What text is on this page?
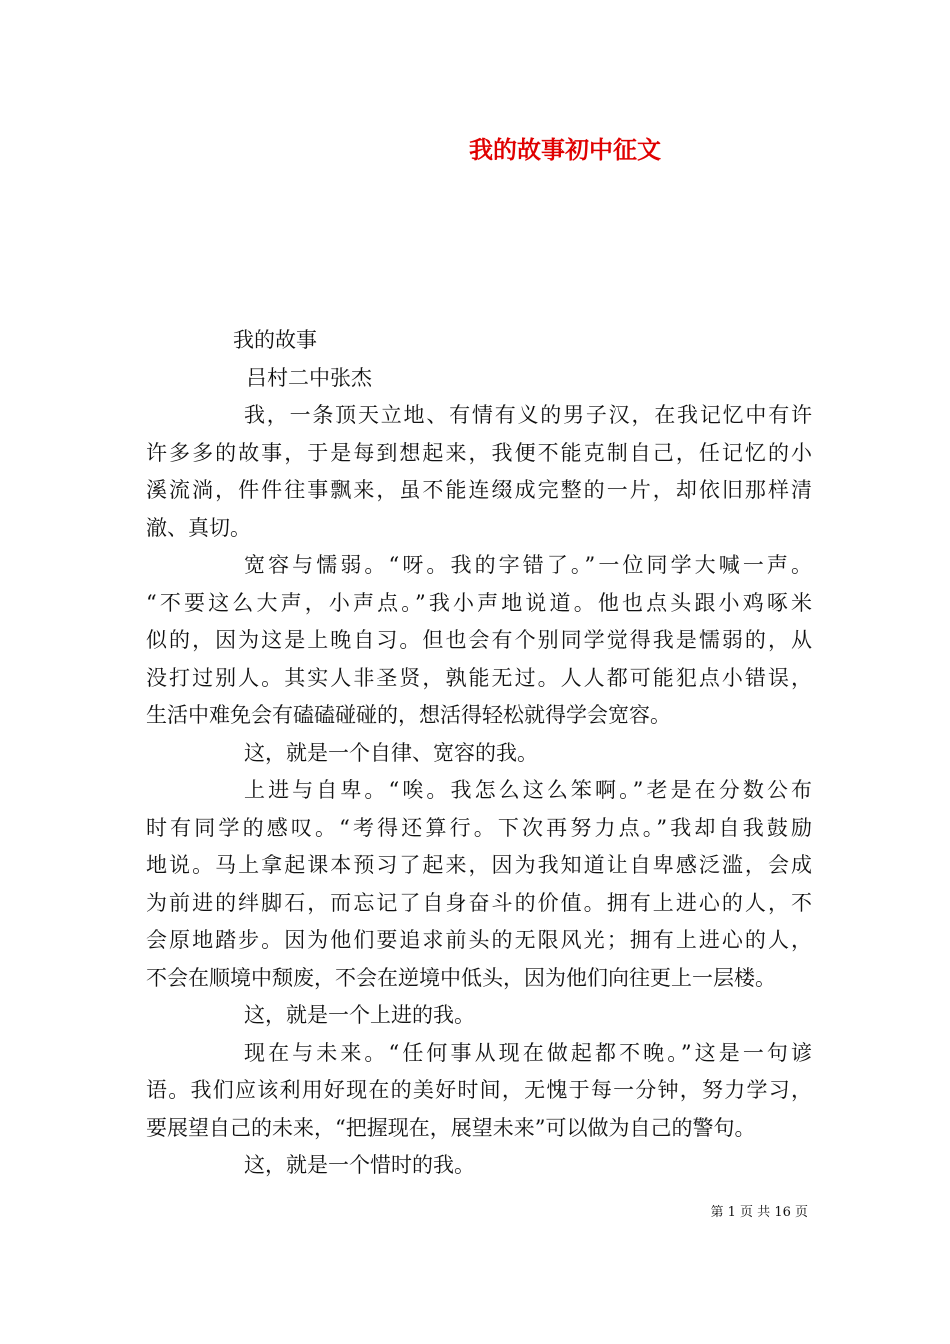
我的故事初中征文

我的故事

吕村二中张杰

我，一条顶天立地、有情有义的男子汉，在我记忆中有许

许多多的故事，于是每到想起来，我便不能克制自己，任记忆的小

溪流淌，件件往事飘来，虽不能连缀成完整的一片，却依旧那样清

澈、真切。

宽容与懦弱。“呀。我的字错了。”一位同学大喊一声。

“不要这么大声，小声点。”我小声地说道。他也点头跟小鸡啄米

似的，因为这是上晚自习。但也会有个别同学觉得我是懦弱的，从

没打过别人。其实人非圣贤，孰能无过。人人都可能犯点小错误，

生活中难免会有磕磕碰碰的，想活得轻松就得学会宽容。

这，就是一个自律、宽容的我。

上进与自卑。“唉。我怎么这么笨啊。”老是在分数公布

时有同学的感叹。“考得还算行。下次再努力点。”我却自我鼓励

地说。马上拿起课本预习了起来，因为我知道让自卑感泛滥，会成

为前进的绊脚石，而忘记了自身奋斗的价值。拥有上进心的人，不

会原地踏步。因为他们要追求前头的无限风光；拥有上进心的人，

不会在顺境中颓废，不会在逆境中低头，因为他们向往更上一层楼。

这，就是一个上进的我。

现在与未来。“任何事从现在做起都不晚。”这是一句谚

语。我们应该利用好现在的美好时间，无愧于每一分钟，努力学习，

要展望自己的未来，“把握现在，展望未来”可以做为自己的警句。

这，就是一个惜时的我。

第 1 页 共 16 页
